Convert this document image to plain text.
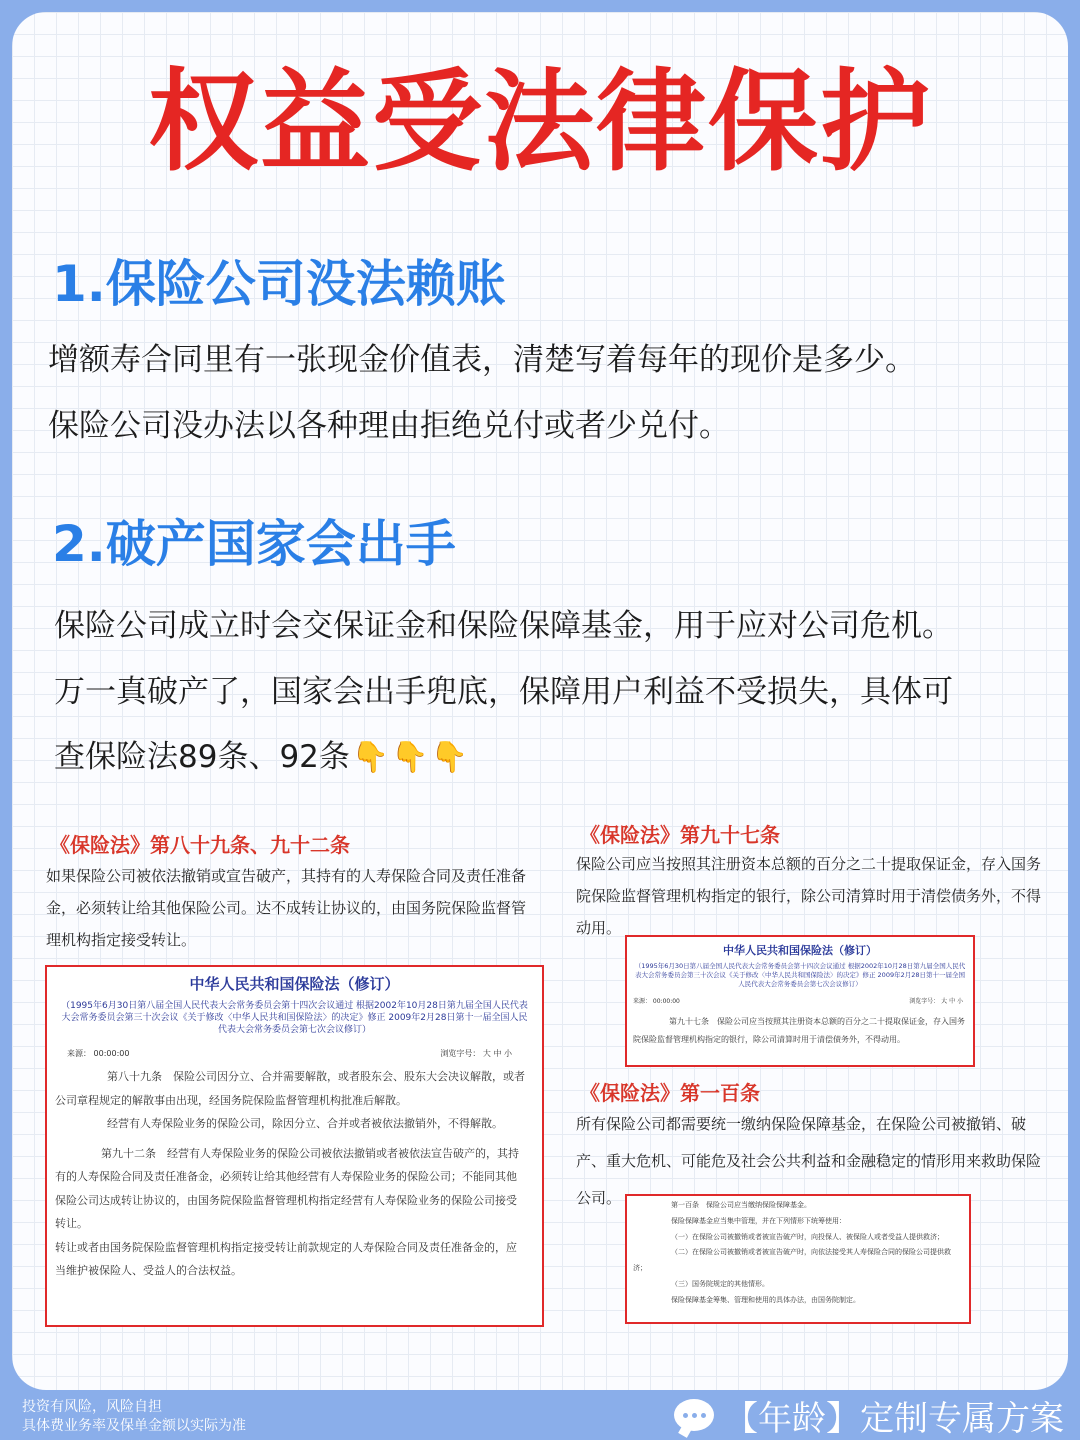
权益受法律保护
1.保险公司没法赖账
增额寿合同里有一张现金价值表，清楚写着每年的现价是多少。
保险公司没办法以各种理由拒绝兑付或者少兑付。
2.破产国家会出手
保险公司成立时会交保证金和保险保障基金，用于应对公司危机。
万一真破产了，国家会出手兜底，保障用户利益不受损失，具体可
查保险法89条、92条👇👇👇
《保险法》第八十九条、九十二条
如果保险公司被依法撤销或宣告破产，其持有的人寿保险合同及责任准备金，必须转让给其他保险公司。达不成转让协议的，由国务院保险监督管理机构指定接受转让。
中华人民共和国保险法（修订）
（1995年6月30日第八届全国人民代表大会常务委员会第十四次会议通过 根据2002年10月28日第九届全国人民代表大会常务委员会第三十次会议《关于修改〈中华人民共和国保险法〉的决定》修正 2009年2月28日第十一届全国人民代表大会常务委员会第七次会议修订）
来源： 00:00:00	浏览字号： 大 中 小
第八十九条　保险公司因分立、合并需要解散，或者股东会、股东大会决议解散，或者公司章程规定的解散事由出现，经国务院保险监督管理机构批准后解散。
经营有人寿保险业务的保险公司，除因分立、合并或者被依法撤销外，不得解散。
第九十二条　经营有人寿保险业务的保险公司被依法撤销或者被依法宣告破产的，其持有的人寿保险合同及责任准备金，必须转让给其他经营有人寿保险业务的保险公司；不能同其他保险公司达成转让协议的，由国务院保险监督管理机构指定经营有人寿保险业务的保险公司接受转让。
转让或者由国务院保险监督管理机构指定接受转让前款规定的人寿保险合同及责任准备金的，应当维护被保险人、受益人的合法权益。
《保险法》第九十七条
保险公司应当按照其注册资本总额的百分之二十提取保证金，存入国务院保险监督管理机构指定的银行，除公司清算时用于清偿债务外，不得动用。
中华人民共和国保险法（修订）
（1995年6月30日第八届全国人民代表大会常务委员会第十四次会议通过 根据2002年10月28日第九届全国人民代表大会常务委员会第三十次会议《关于修改〈中华人民共和国保险法〉的决定》修正 2009年2月28日第十一届全国人民代表大会常务委员会第七次会议修订）
来源： 00:00:00	浏览字号： 大 中 小
第九十七条　保险公司应当按照其注册资本总额的百分之二十提取保证金，存入国务院保险监督管理机构指定的银行，除公司清算时用于清偿债务外，不得动用。
《保险法》第一百条
所有保险公司都需要统一缴纳保险保障基金，在保险公司被撤销、破产、重大危机、可能危及社会公共利益和金融稳定的情形用来救助保险公司。	第一百条　保险公司应当缴纳保险保障基金。
保险保障基金应当集中管理，并在下列情形下统筹使用：
（一）在保险公司被撤销或者被宣告破产时，向投保人、被保险人或者受益人提供救济；
（二）在保险公司被撤销或者被宣告破产时，向依法接受其人寿保险合同的保险公司提供救济；
（三）国务院规定的其他情形。
保险保障基金筹集、管理和使用的具体办法，由国务院制定。
投资有风险，风险自担
具体费业务率及保单金额以实际为准	【年龄】定制专属方案
